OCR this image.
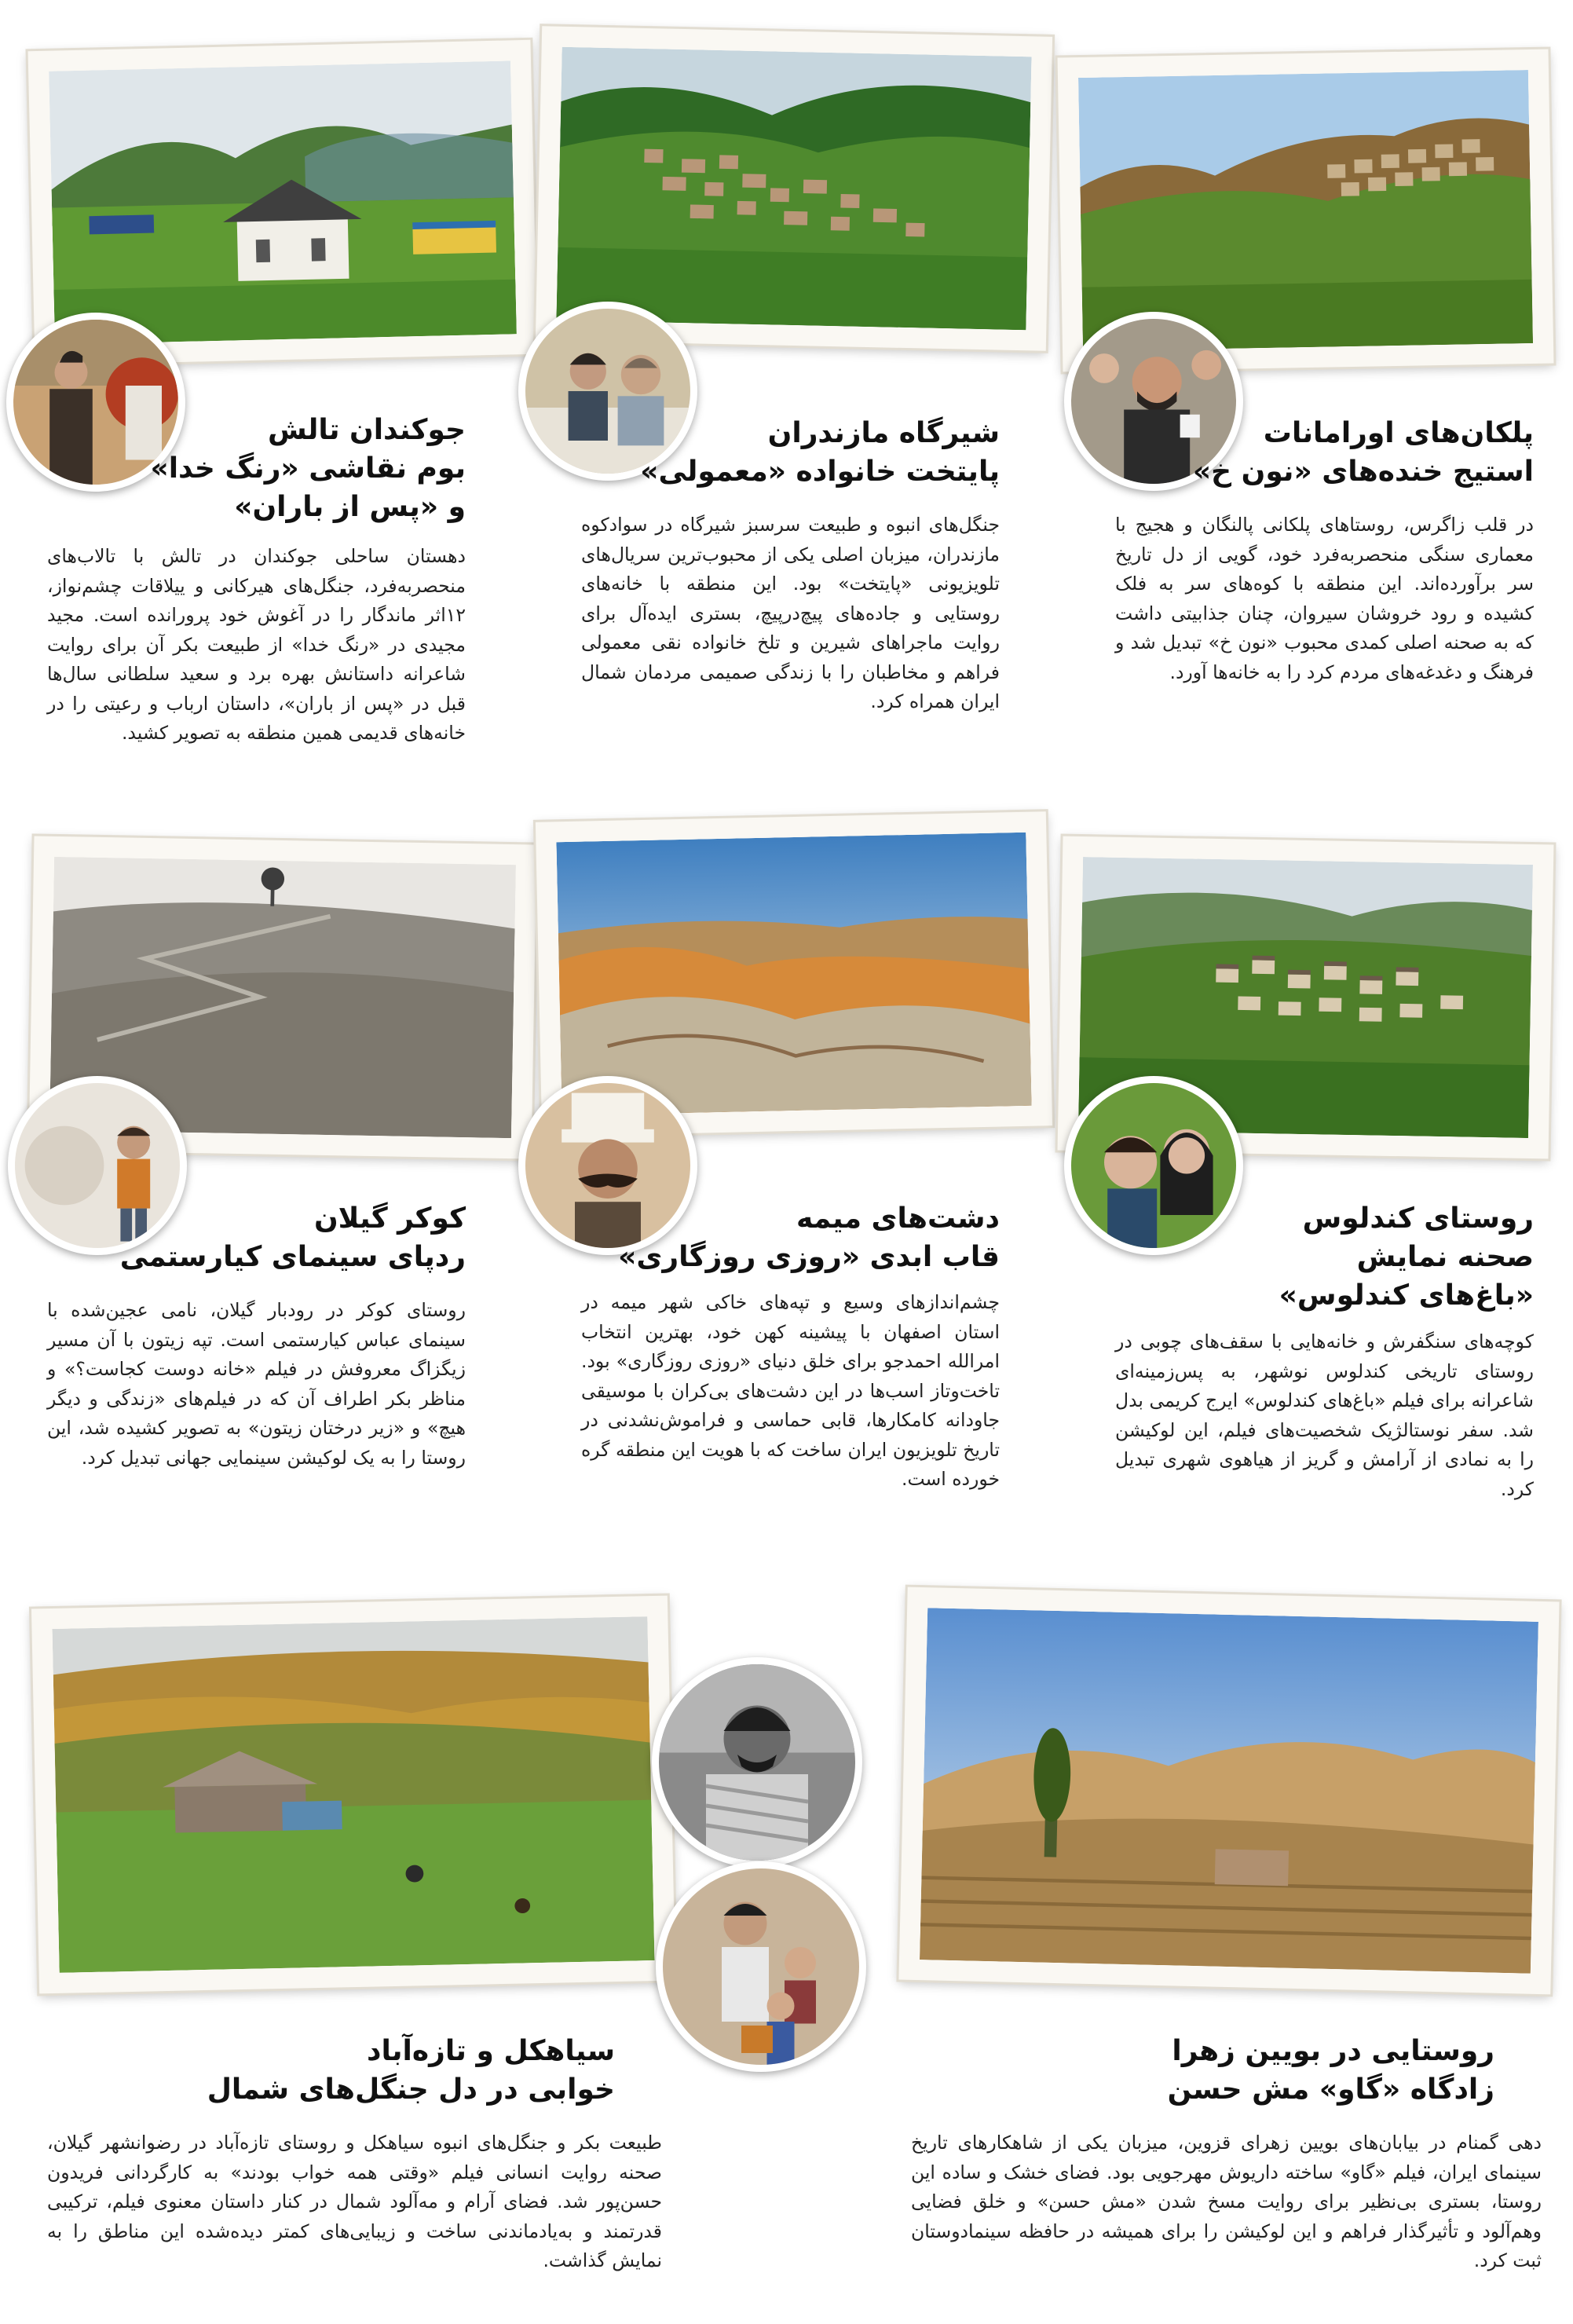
جوکندان تالش
بوم نقاشی «رنگ خدا»
و «پس از باران»
دهستان ساحلی جوکندان در تالش با تالاب‌های منحصربه‌فرد، جنگل‌های هیرکانی و ییلاقات چشم‌نواز، ۱۲اثر ماندگار را در آغوش خود پرورانده است. مجید مجیدی در «رنگ خدا» از طبیعت بکر آن برای روایت شاعرانه داستانش بهره برد و سعید سلطانی سال‌ها قبل در «پس از باران»، داستان ارباب و رعیتی را در خانه‌های قدیمی همین منطقه به تصویر کشید.
شیرگاه مازندران
پایتخت خانواده «معمولی»
جنگل‌های انبوه و طبیعت سرسبز شیرگاه در سوادکوه مازندران، میزبان اصلی یکی از محبوب‌ترین سریال‌های تلویزیونی «پایتخت» بود. این منطقه با خانه‌های روستایی و جاده‌های پیچ‌درپیچ، بستری ایده‌آل برای روایت ماجراهای شیرین و تلخ خانواده نقی معمولی فراهم و مخاطبان را با زندگی صمیمی مردمان شمال ایران همراه کرد.
پلکان‌های اورامانات
استیج خنده‌های «نون خ»
در قلب زاگرس، روستاهای پلکانی پالنگان و هجیج با معماری سنگی منحصربه‌فرد خود، گویی از دل تاریخ سر برآورده‌اند. این منطقه با کوه‌های سر به فلک کشیده و رود خروشان سیروان، چنان جذابیتی داشت که به صحنه اصلی کمدی محبوب «نون خ» تبدیل شد و فرهنگ و دغدغه‌های مردم کرد را به خانه‌ها آورد.
کوکر گیلان
ردپای سینمای کیارستمی
روستای کوکر در رودبار گیلان، نامی عجین‌شده با سینمای عباس کیارستمی است. تپه زیتون با آن مسیر زیگزاگ معروفش در فیلم «خانه دوست کجاست؟» و مناظر بکر اطراف آن که در فیلم‌های «زندگی و دیگر هیچ» و «زیر درختان زیتون» به تصویر کشیده شد، این روستا را به یک لوکیشن سینمایی جهانی تبدیل کرد.
دشت‌های میمه
قاب ابدی «روزی روزگاری»
چشم‌اندازهای وسیع و تپه‌های خاکی شهر میمه در استان اصفهان با پیشینه کهن خود، بهترین انتخاب امرالله احمدجو برای خلق دنیای «روزی روزگاری» بود. تاخت‌وتاز اسب‌ها در این دشت‌های بی‌کران با موسیقی جاودانه کامکارها، قابی حماسی و فراموش‌نشدنی در تاریخ تلویزیون ایران ساخت که با هویت این منطقه گره خورده است.
روستای کندلوس
صحنه نمایش
«باغ‌های کندلوس»
کوچه‌های سنگفرش و خانه‌هایی با سقف‌های چوبی در روستای تاریخی کندلوس نوشهر، به پس‌زمینه‌ای شاعرانه برای فیلم «باغ‌های کندلوس» ایرج کریمی بدل شد. سفر نوستالژیک شخصیت‌های فیلم، این لوکیشن را به نمادی از آرامش و گریز از هیاهوی شهری تبدیل کرد.
سیاهکل و تازه‌آباد
خوابی در دل جنگل‌های شمال
طبیعت بکر و جنگل‌های انبوه سیاهکل و روستای تازه‌آباد در رضوانشهر گیلان، صحنه روایت انسانی فیلم «وقتی همه خواب بودند» به کارگردانی فریدون حسن‌پور شد. فضای آرام و مه‌آلود شمال در کنار داستان معنوی فیلم، ترکیبی قدرتمند و به‌یادماندنی ساخت و زیبایی‌های کمتر دیده‌شده این مناطق را به نمایش گذاشت.
روستایی در بویین زهرا
زادگاه «گاو» مش حسن
دهی گمنام در بیابان‌های بویین زهرای قزوین، میزبان یکی از شاهکارهای تاریخ سینمای ایران، فیلم «گاو» ساخته داریوش مهرجویی بود. فضای خشک و ساده این روستا، بستری بی‌نظیر برای روایت مسخ شدن «مش حسن» و خلق فضایی وهم‌آلود و تأثیرگذار فراهم و این لوکیشن را برای همیشه در حافظه سینمادوستان ثبت کرد.
